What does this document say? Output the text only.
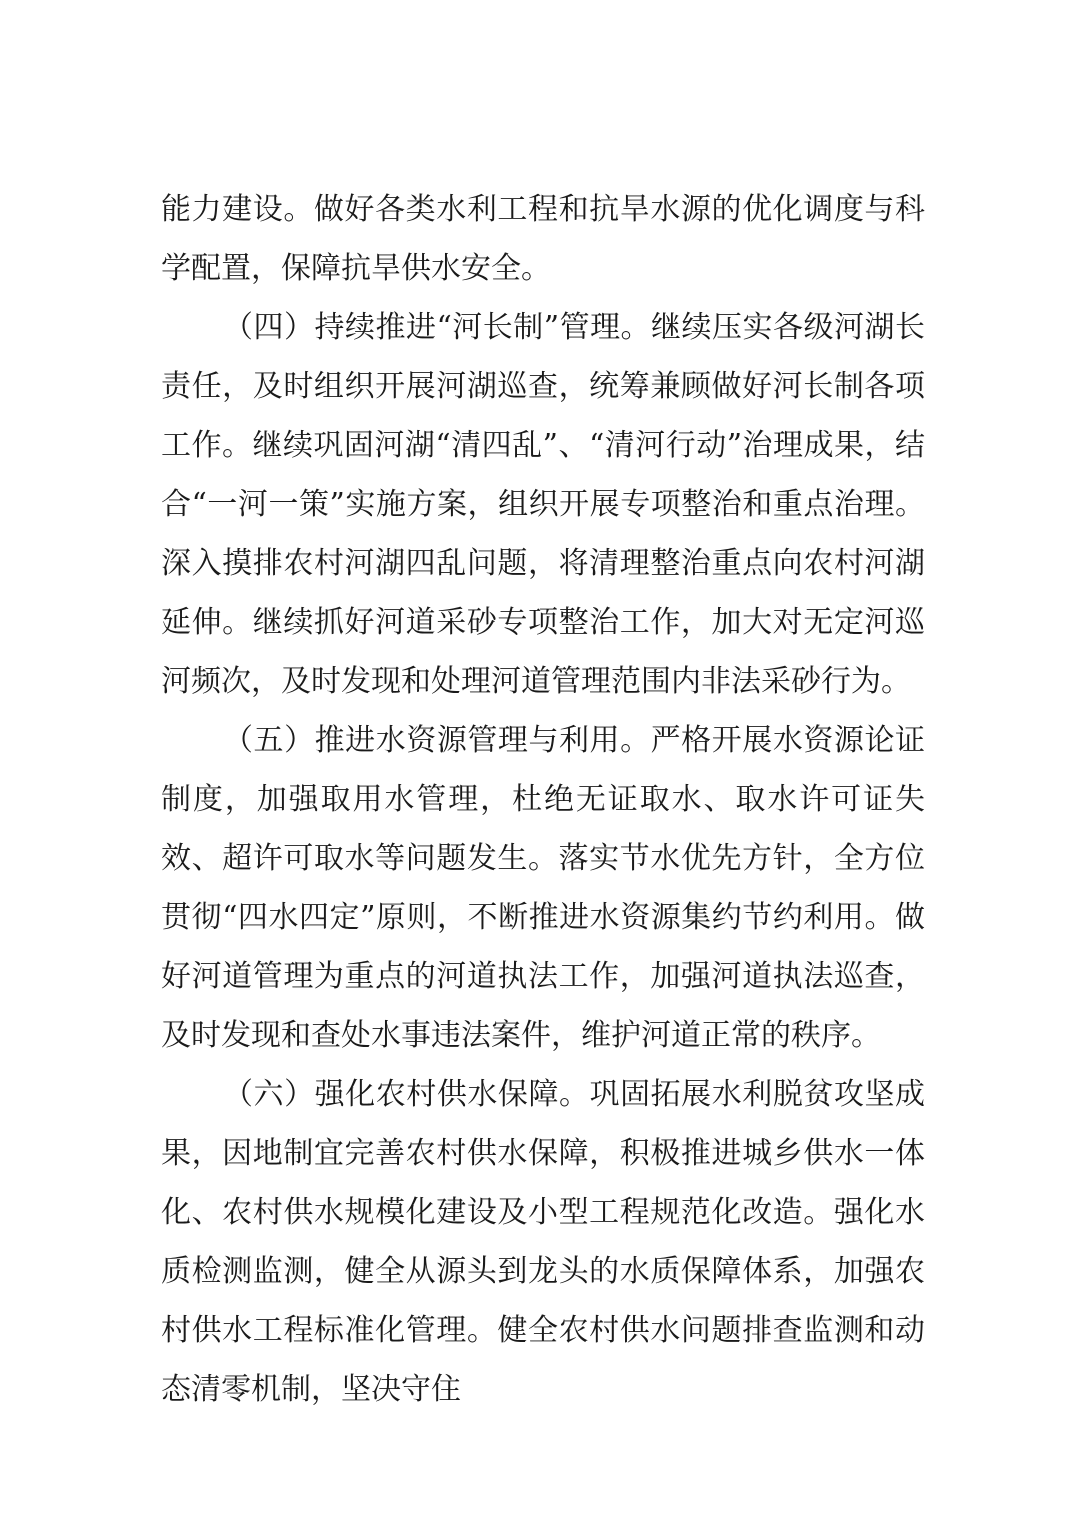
能力建设。做好各类水利工程和抗旱水源的优化调度与科学配置，保障抗旱供水安全。

（四）持续推进“河长制”管理。继续压实各级河湖长责任，及时组织开展河湖巡查，统筹兼顾做好河长制各项工作。继续巩固河湖“清四乱”、“清河行动”治理成果，结合“一河一策”实施方案，组织开展专项整治和重点治理。深入摸排农村河湖四乱问题，将清理整治重点向农村河湖延伸。继续抓好河道采砂专项整治工作，加大对无定河巡河频次，及时发现和处理河道管理范围内非法采砂行为。

（五）推进水资源管理与利用。严格开展水资源论证制度，加强取用水管理，杜绝无证取水、取水许可证失效、超许可取水等问题发生。落实节水优先方针，全方位贯彻“四水四定”原则，不断推进水资源集约节约利用。做好河道管理为重点的河道执法工作，加强河道执法巡查，及时发现和查处水事违法案件，维护河道正常的秩序。

（六）强化农村供水保障。巩固拓展水利脱贫攻坚成果，因地制宜完善农村供水保障，积极推进城乡供水一体化、农村供水规模化建设及小型工程规范化改造。强化水质检测监测，健全从源头到龙头的水质保障体系，加强农村供水工程标准化管理。健全农村供水问题排查监测和动态清零机制，坚决守住
